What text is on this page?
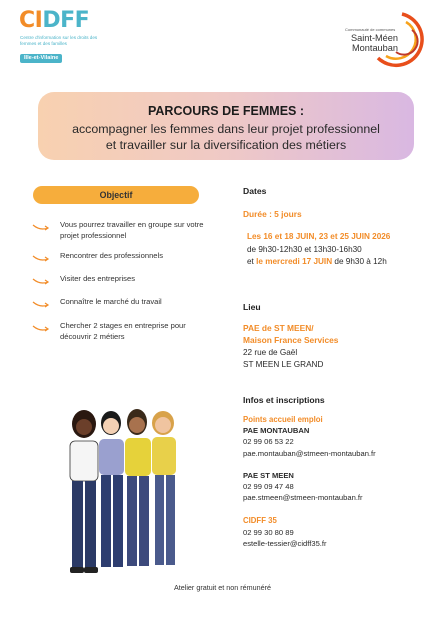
CIDFF
Centre d'information sur les droits des femmes et des familles
Ille-et-Vilaine
Communauté de communes
Saint-Méen
Montauban
PARCOURS DE FEMMES :
accompagner les femmes dans leur projet professionnel
et travailler sur la diversification des métiers
Objectif
Vous pourrez travailler en groupe sur votre projet professionnel
Rencontrer des professionnels
Visiter des entreprises
Connaître le marché du travail
Chercher 2 stages en entreprise pour découvrir 2 métiers
Dates
Durée : 5 jours
Les 16 et 18 JUIN, 23 et 25 JUIN 2026
de 9h30-12h30 et 13h30-16h30
et le mercredi 17 JUIN de 9h30 à 12h
Lieu
PAE de ST MEEN/
Maison France Services
22 rue de Gaël
ST MEEN LE GRAND
Infos et inscriptions
Points accueil emploi
PAE MONTAUBAN
02 99 06 53 22
pae.montauban@stmeen-montauban.fr
PAE ST MEEN
02 99 09 47 48
pae.stmeen@stmeen-montauban.fr
CIDFF 35
02 99 30 80 89
estelle-tessier@cidff35.fr
Atelier gratuit et non rémunéré
